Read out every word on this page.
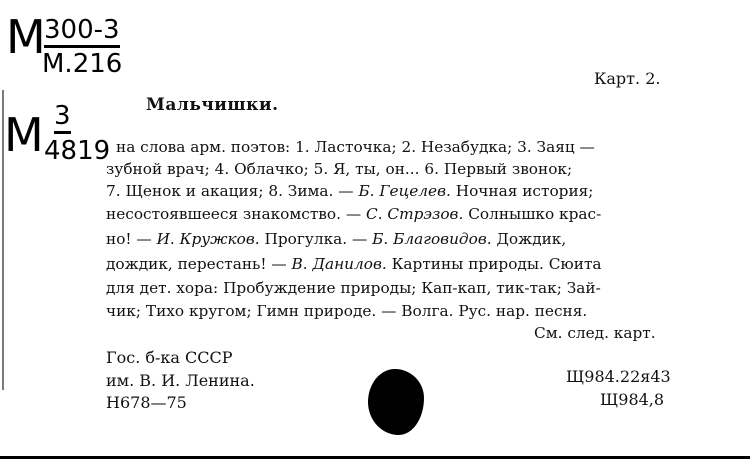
M
300-3
M.216
M 3
4819
Карт. 2.
Мальчишки.
на слова арм. поэтов: 1. Ласточка; 2. Незабудка; 3. Заяц —
зубной врач; 4. Облачко; 5. Я, ты, он... 6. Первый звонок;
7. Щенок и акация; 8. Зима. — Б. Гецелев. Ночная история;
несостоявшееся знакомство. — С. Стрэзов. Солнышко крас-
но! — И. Кружков. Прогулка. — Б. Благовидов. Дождик,
дождик, перестань! — В. Данилов. Картины природы. Сюита
для дет. хора: Пробуждение природы; Кап-кап, тик-так; Зай-
чик; Тихо кругом; Гимн природе. — Волга. Рус. нар. песня.
См. след. карт.
Гос. б-ка СССР
им. В. И. Ленина.
Н678—75
Щ984.22я43
Щ984,8
